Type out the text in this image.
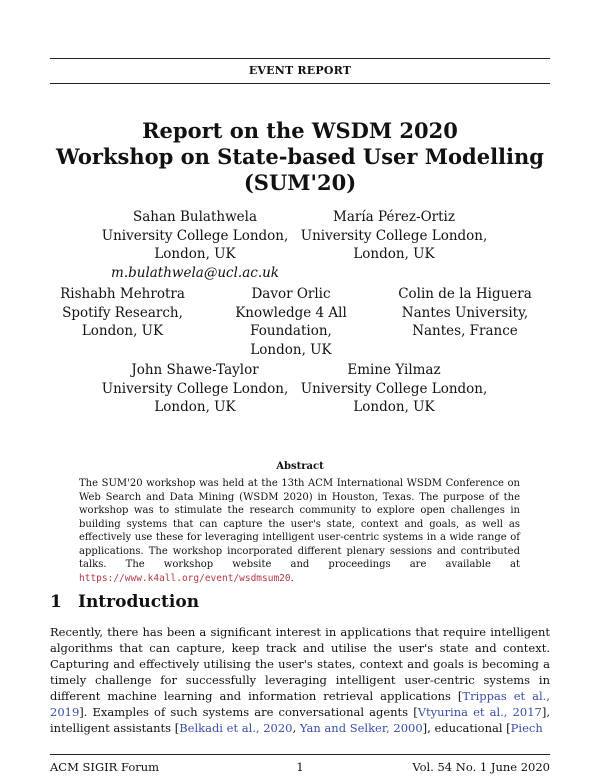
EVENT REPORT
Report on the WSDM 2020
Workshop on State-based User Modelling
(SUM'20)
Sahan Bulathwela
University College London,
London, UK
m.bulathwela@ucl.ac.uk
María Pérez-Ortiz
University College London,
London, UK
Rishabh Mehrotra
Spotify Research,
London, UK
Davor Orlic
Knowledge 4 All Foundation,
London, UK
Colin de la Higuera
Nantes University,
Nantes, France
John Shawe-Taylor
University College London,
London, UK
Emine Yilmaz
University College London,
London, UK
Abstract
The SUM'20 workshop was held at the 13th ACM International WSDM Conference on Web Search and Data Mining (WSDM 2020) in Houston, Texas. The purpose of the workshop was to stimulate the research community to explore open challenges in building systems that can capture the user's state, context and goals, as well as effectively use these for leveraging intelligent user-centric systems in a wide range of applications. The workshop incorporated different plenary sessions and contributed talks. The workshop website and proceedings are available at https://www.k4all.org/event/wsdmsum20.
1 Introduction
Recently, there has been a significant interest in applications that require intelligent algorithms that can capture, keep track and utilise the user's state and context. Capturing and effectively utilising the user's states, context and goals is becoming a timely challenge for successfully leveraging intelligent user-centric systems in different machine learning and information retrieval applications [Trippas et al., 2019]. Examples of such systems are conversational agents [Vtyurina et al., 2017], intelligent assistants [Belkadi et al., 2020, Yan and Selker, 2000], educational [Piech
ACM SIGIR Forum	1	Vol. 54 No. 1 June 2020
